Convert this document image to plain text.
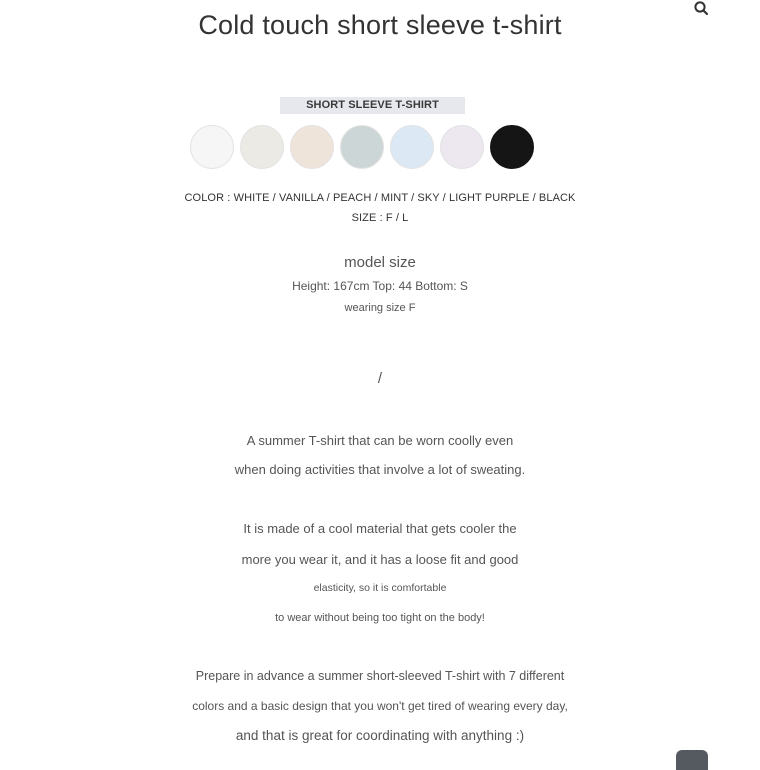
Cold touch short sleeve t-shirt
SHORT SLEEVE T-SHIRT
COLOR : WHITE / VANILLA / PEACH / MINT / SKY / LIGHT PURPLE / BLACK
SIZE : F / L
model size
Height: 167cm Top: 44 Bottom: S
wearing size F
/
A summer T-shirt that can be worn coolly even
when doing activities that involve a lot of sweating.
It is made of a cool material that gets cooler the
more you wear it, and it has a loose fit and good
elasticity, so it is comfortable
to wear without being too tight on the body!
Prepare in advance a summer short-sleeved T-shirt with 7 different
colors and a basic design that you won't get tired of wearing every day,
and that is great for coordinating with anything :)
